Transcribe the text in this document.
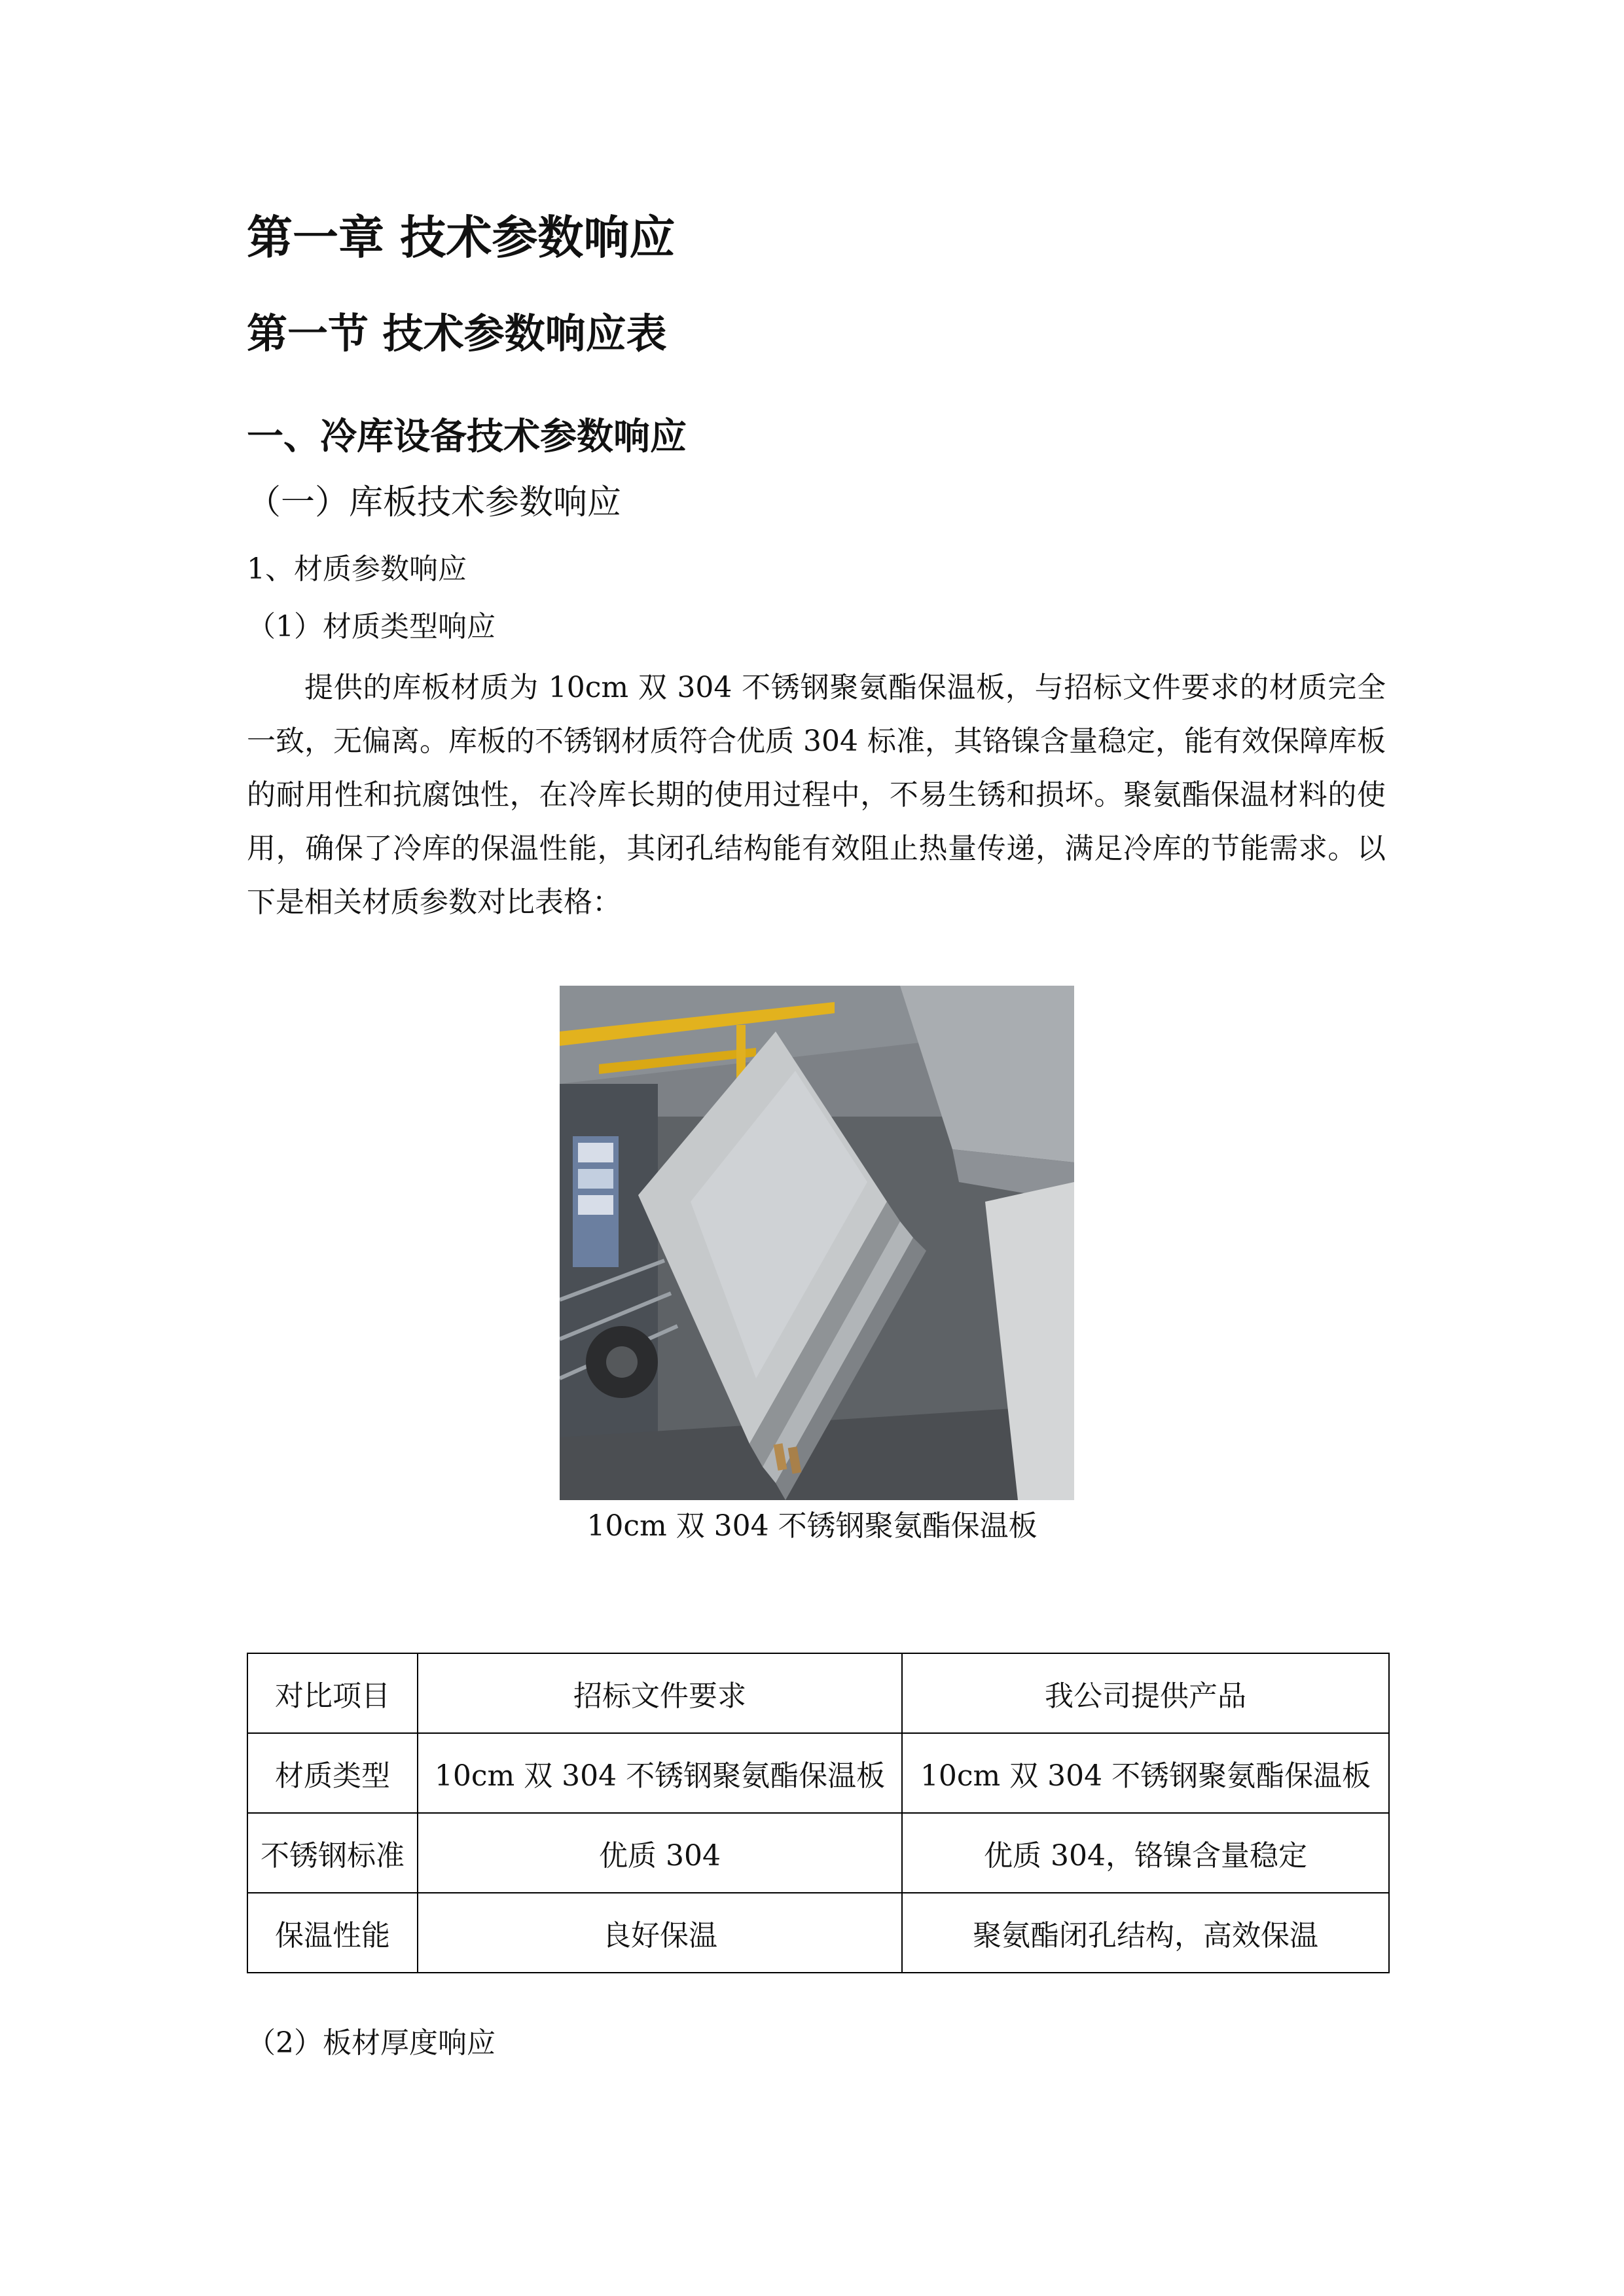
第一章 技术参数响应
第一节 技术参数响应表
一、冷库设备技术参数响应
（一）库板技术参数响应
1、材质参数响应
（1）材质类型响应
提供的库板材质为 10cm 双 304 不锈钢聚氨酯保温板，与招标文件要求的材质完全一致，无偏离。库板的不锈钢材质符合优质 304 标准，其铬镍含量稳定，能有效保障库板的耐用性和抗腐蚀性，在冷库长期的使用过程中，不易生锈和损坏。聚氨酯保温材料的使用，确保了冷库的保温性能，其闭孔结构能有效阻止热量传递，满足冷库的节能需求。以下是相关材质参数对比表格：
10cm 双 304 不锈钢聚氨酯保温板
对比项目	招标文件要求	我公司提供产品
材质类型	10cm 双 304 不锈钢聚氨酯保温板	10cm 双 304 不锈钢聚氨酯保温板
不锈钢标准	优质 304	优质 304，铬镍含量稳定
保温性能	良好保温	聚氨酯闭孔结构，高效保温
（2）板材厚度响应
